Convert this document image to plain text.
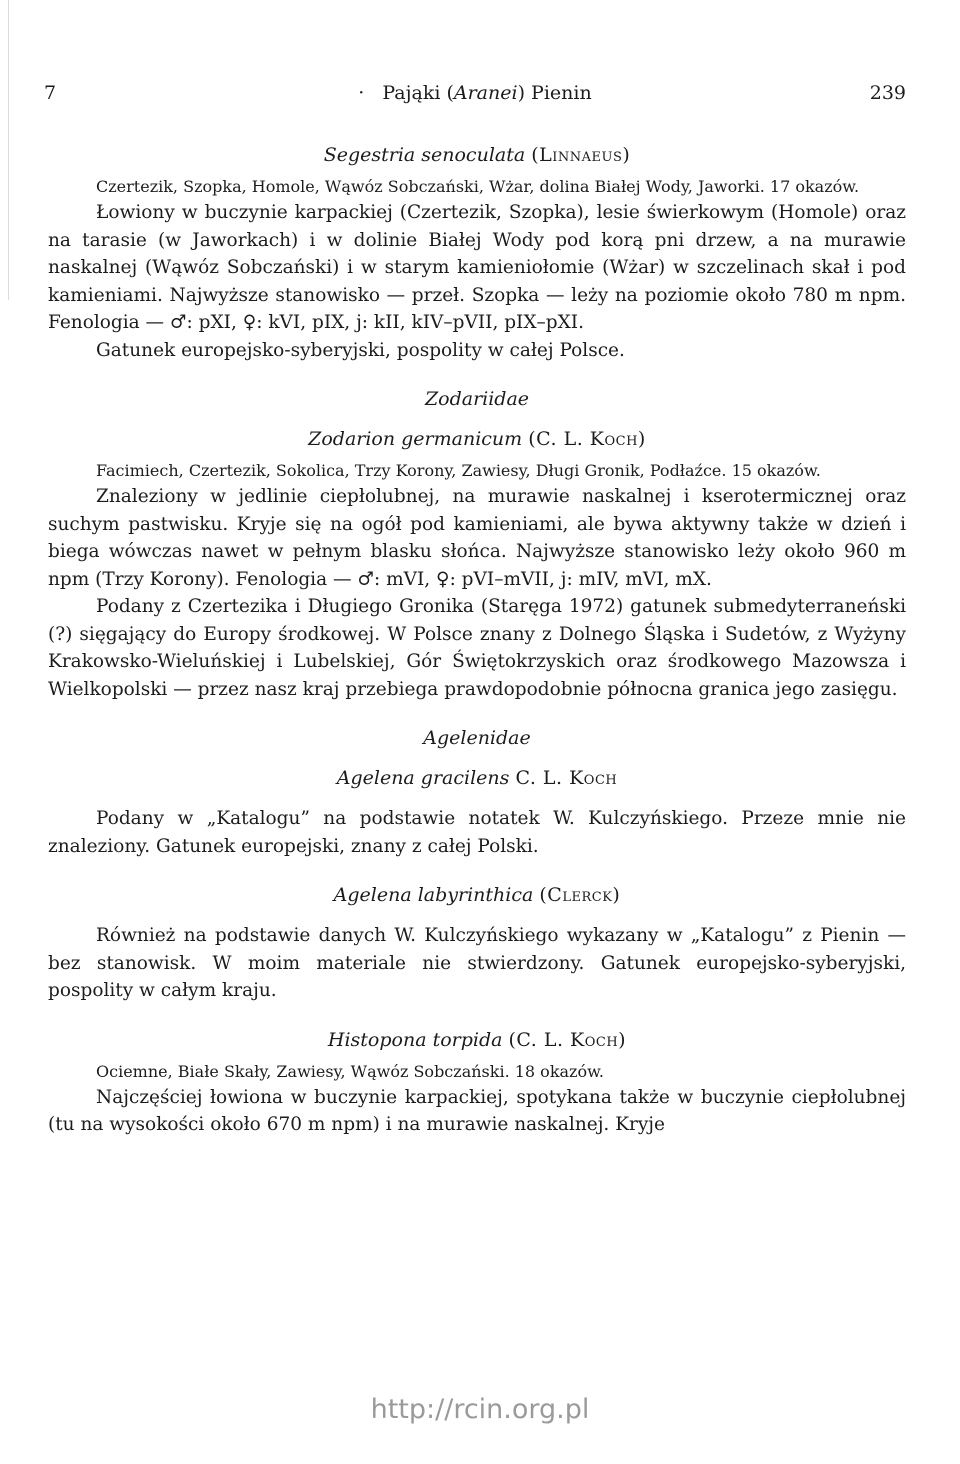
7	· Pająki (Aranei) Pienin	239

Segestria senoculata (Linnaeus)

Czertezik, Szopka, Homole, Wąwóz Sobczański, Wżar, dolina Białej Wody, Jaworki. 17 okazów.

Łowiony w buczynie karpackiej (Czertezik, Szopka), lesie świerkowym (Homole) oraz na tarasie (w Jaworkach) i w dolinie Białej Wody pod korą pni drzew, a na murawie naskalnej (Wąwóz Sobczański) i w starym kamieniołomie (Wżar) w szczelinach skał i pod kamieniami. Najwyższe stanowisko — przeł. Szopka — leży na poziomie około 780 m npm. Fenologia — ♂: pXI, ♀: kVI, pIX, j: kII, kIV–pVII, pIX–pXI.

Gatunek europejsko-syberyjski, pospolity w całej Polsce.

Zodariidae

Zodarion germanicum (C. L. Koch)

Facimiech, Czertezik, Sokolica, Trzy Korony, Zawiesy, Długi Gronik, Podłaźce. 15 okazów.

Znaleziony w jedlinie ciepłolubnej, na murawie naskalnej i kserotermicznej oraz suchym pastwisku. Kryje się na ogół pod kamieniami, ale bywa aktywny także w dzień i biega wówczas nawet w pełnym blasku słońca. Najwyższe stanowisko leży około 960 m npm (Trzy Korony). Fenologia — ♂: mVI, ♀: pVI–mVII, j: mIV, mVI, mX.

Podany z Czertezika i Długiego Gronika (Staręga 1972) gatunek submedyterraneński (?) sięgający do Europy środkowej. W Polsce znany z Dolnego Śląska i Sudetów, z Wyżyny Krakowsko-Wieluńskiej i Lubelskiej, Gór Świętokrzyskich oraz środkowego Mazowsza i Wielkopolski — przez nasz kraj przebiega prawdopodobnie północna granica jego zasięgu.

Agelenidae

Agelena gracilens C. L. Koch

Podany w „Katalogu” na podstawie notatek W. Kulczyńskiego. Przeze mnie nie znaleziony. Gatunek europejski, znany z całej Polski.

Agelena labyrinthica (Clerck)

Również na podstawie danych W. Kulczyńskiego wykazany w „Katalogu” z Pienin — bez stanowisk. W moim materiale nie stwierdzony. Gatunek europejsko-syberyjski, pospolity w całym kraju.

Histopona torpida (C. L. Koch)

Ociemne, Białe Skały, Zawiesy, Wąwóz Sobczański. 18 okazów.

Najczęściej łowiona w buczynie karpackiej, spotykana także w buczynie ciepłolubnej (tu na wysokości około 670 m npm) i na murawie naskalnej. Kryje

http://rcin.org.pl
